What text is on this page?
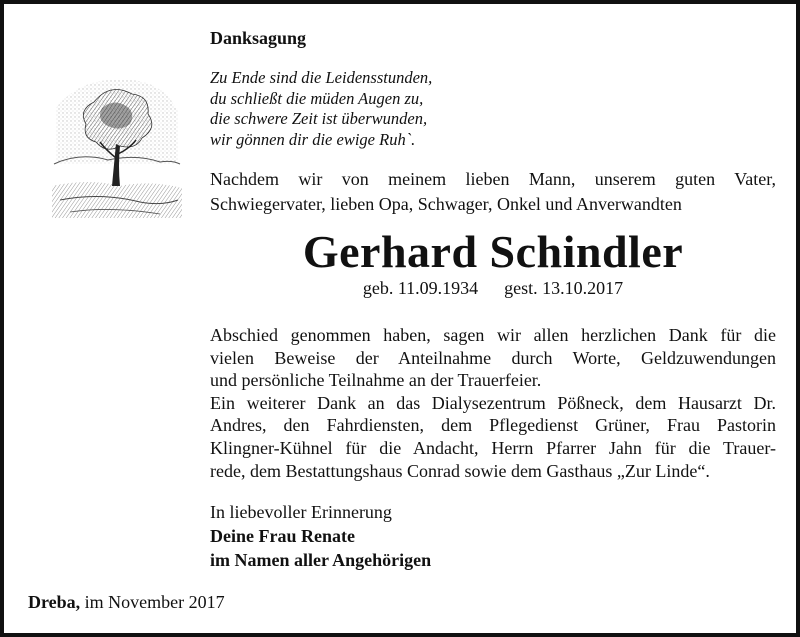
Danksagung
Zu Ende sind die Leidensstunden,
du schließt die müden Augen zu,
die schwere Zeit ist überwunden,
wir gönnen dir die ewige Ruh`.
Nachdem wir von meinem lieben Mann, unserem guten Vater,
Schwiegervater, lieben Opa, Schwager, Onkel und Anverwandten
Gerhard Schindler
geb. 11.09.1934 gest. 13.10.2017
Abschied genommen haben, sagen wir allen herzlichen Dank für die
vielen Beweise der Anteilnahme durch Worte, Geldzuwendungen
und persönliche Teilnahme an der Trauerfeier.
Ein weiterer Dank an das Dialysezentrum Pößneck, dem Hausarzt Dr.
Andres, den Fahrdiensten, dem Pflegedienst Grüner, Frau Pastorin
Klingner-Kühnel für die Andacht, Herrn Pfarrer Jahn für die Trauer-
rede, dem Bestattungshaus Conrad sowie dem Gasthaus „Zur Linde“.
In liebevoller Erinnerung
Deine Frau Renate
im Namen aller Angehörigen
Dreba, im November 2017
